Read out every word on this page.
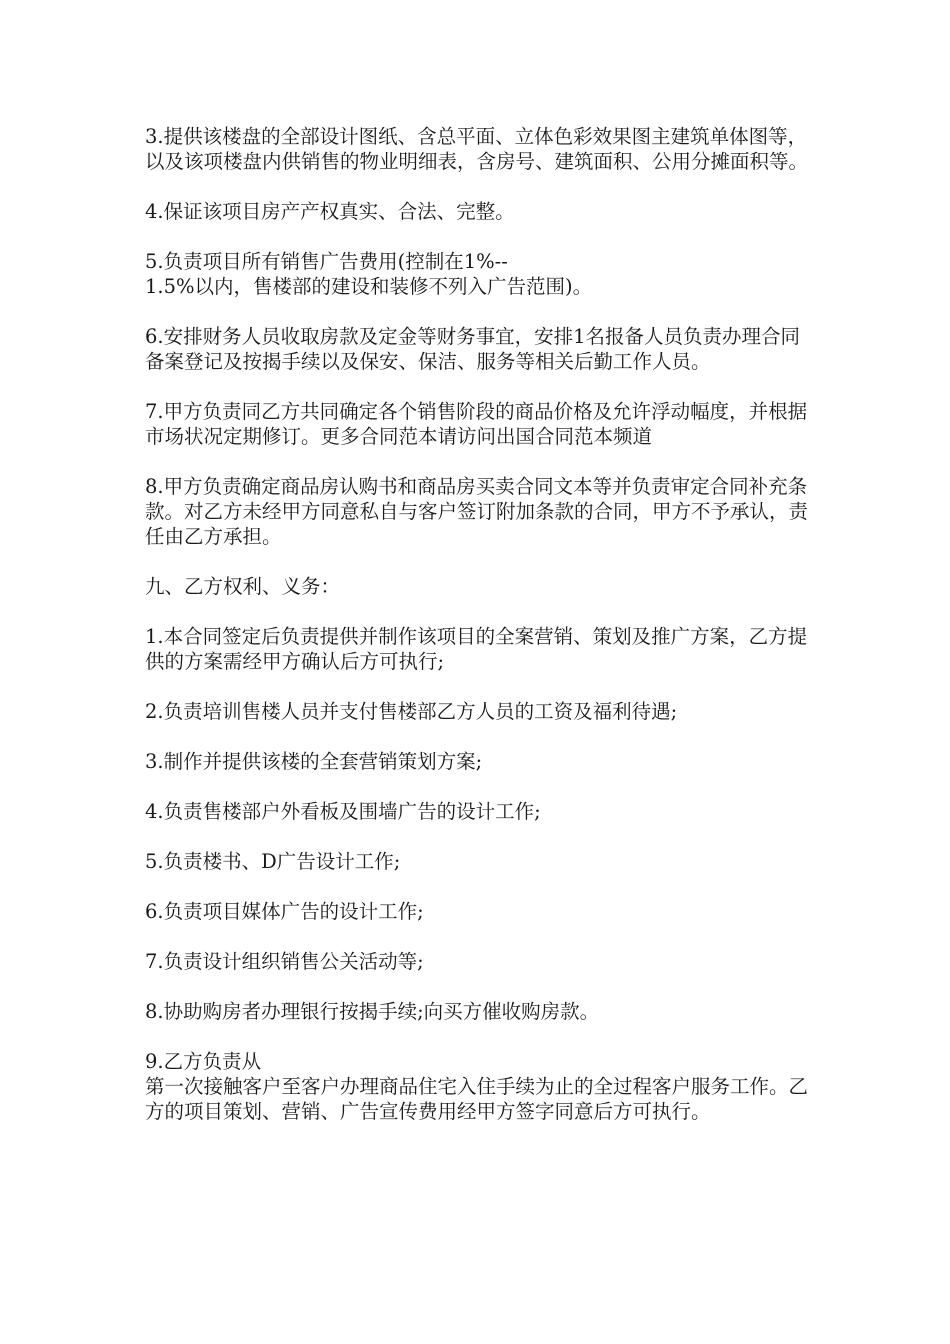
3.提供该楼盘的全部设计图纸、含总平面、立体色彩效果图主建筑单体图等，以及该项楼盘内供销售的物业明细表，含房号、建筑面积、公用分摊面积等。

4.保证该项目房产产权真实、合法、完整。

5.负责项目所有销售广告费用(控制在1%--
1.5%以内，售楼部的建设和装修不列入广告范围)。

6.安排财务人员收取房款及定金等财务事宜，安排1名报备人员负责办理合同备案登记及按揭手续以及保安、保洁、服务等相关后勤工作人员。

7.甲方负责同乙方共同确定各个销售阶段的商品价格及允许浮动幅度，并根据市场状况定期修订。更多合同范本请访问出国合同范本频道

8.甲方负责确定商品房认购书和商品房买卖合同文本等并负责审定合同补充条款。对乙方未经甲方同意私自与客户签订附加条款的合同，甲方不予承认，责任由乙方承担。

九、乙方权利、义务：

1.本合同签定后负责提供并制作该项目的全案营销、策划及推广方案，乙方提供的方案需经甲方确认后方可执行;

2.负责培训售楼人员并支付售楼部乙方人员的工资及福利待遇;

3.制作并提供该楼的全套营销策划方案;

4.负责售楼部户外看板及围墙广告的设计工作;

5.负责楼书、D广告设计工作;

6.负责项目媒体广告的设计工作;

7.负责设计组织销售公关活动等;

8.协助购房者办理银行按揭手续;向买方催收购房款。

9.乙方负责从
第一次接触客户至客户办理商品住宅入住手续为止的全过程客户服务工作。乙方的项目策划、营销、广告宣传费用经甲方签字同意后方可执行。
